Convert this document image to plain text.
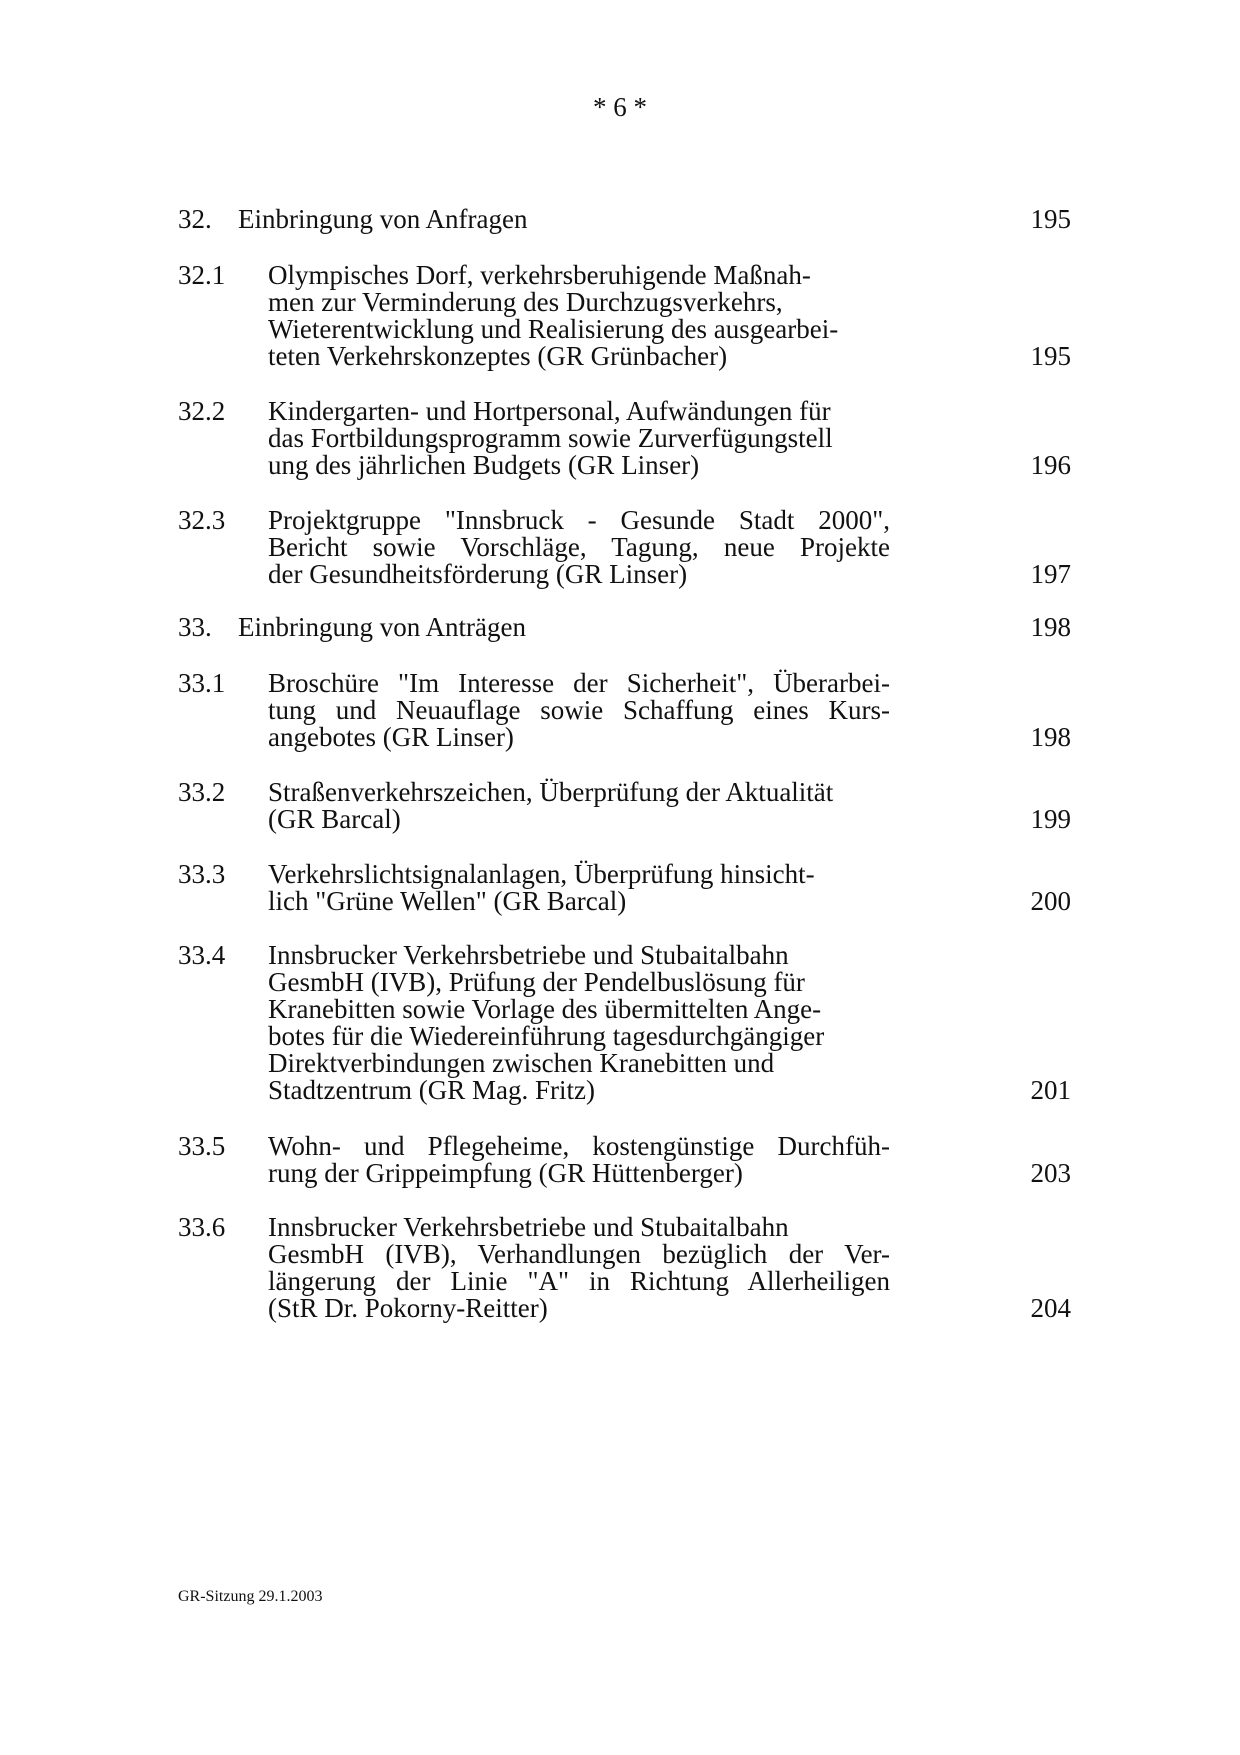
* 6 *
32. Einbringung von Anfragen	195
32.1 Olympisches Dorf, verkehrsberuhigende Maßnah-
men zur Verminderung des Durchzugsverkehrs,
Wieterentwicklung und Realisierung des ausgearbei-
teten Verkehrskonzeptes (GR Grünbacher)	195
32.2 Kindergarten- und Hortpersonal, Aufwändungen für
das Fortbildungsprogramm sowie Zurverfügungstell
ung des jährlichen Budgets (GR Linser)	196
32.3 Projektgruppe "Innsbruck - Gesunde Stadt 2000",
Bericht sowie Vorschläge, Tagung, neue Projekte
der Gesundheitsförderung (GR Linser)	197
33. Einbringung von Anträgen	198
33.1 Broschüre "Im Interesse der Sicherheit", Überarbei-
tung und Neuauflage sowie Schaffung eines Kurs-
angebotes (GR Linser)	198
33.2 Straßenverkehrszeichen, Überprüfung der Aktualität
(GR Barcal)	199
33.3 Verkehrslichtsignalanlagen, Überprüfung hinsicht-
lich "Grüne Wellen" (GR Barcal)	200
33.4 Innsbrucker Verkehrsbetriebe und Stubaitalbahn
GesmbH (IVB), Prüfung der Pendelbuslösung für
Kranebitten sowie Vorlage des übermittelten Ange-
botes für die Wiedereinführung tagesdurchgängiger
Direktverbindungen zwischen Kranebitten und
Stadtzentrum (GR Mag. Fritz)	201
33.5 Wohn- und Pflegeheime, kostengünstige Durchfüh-
rung der Grippeimpfung (GR Hüttenberger)	203
33.6 Innsbrucker Verkehrsbetriebe und Stubaitalbahn
GesmbH (IVB), Verhandlungen bezüglich der Ver-
längerung der Linie "A" in Richtung Allerheiligen
(StR Dr. Pokorny-Reitter)	204
GR-Sitzung 29.1.2003
